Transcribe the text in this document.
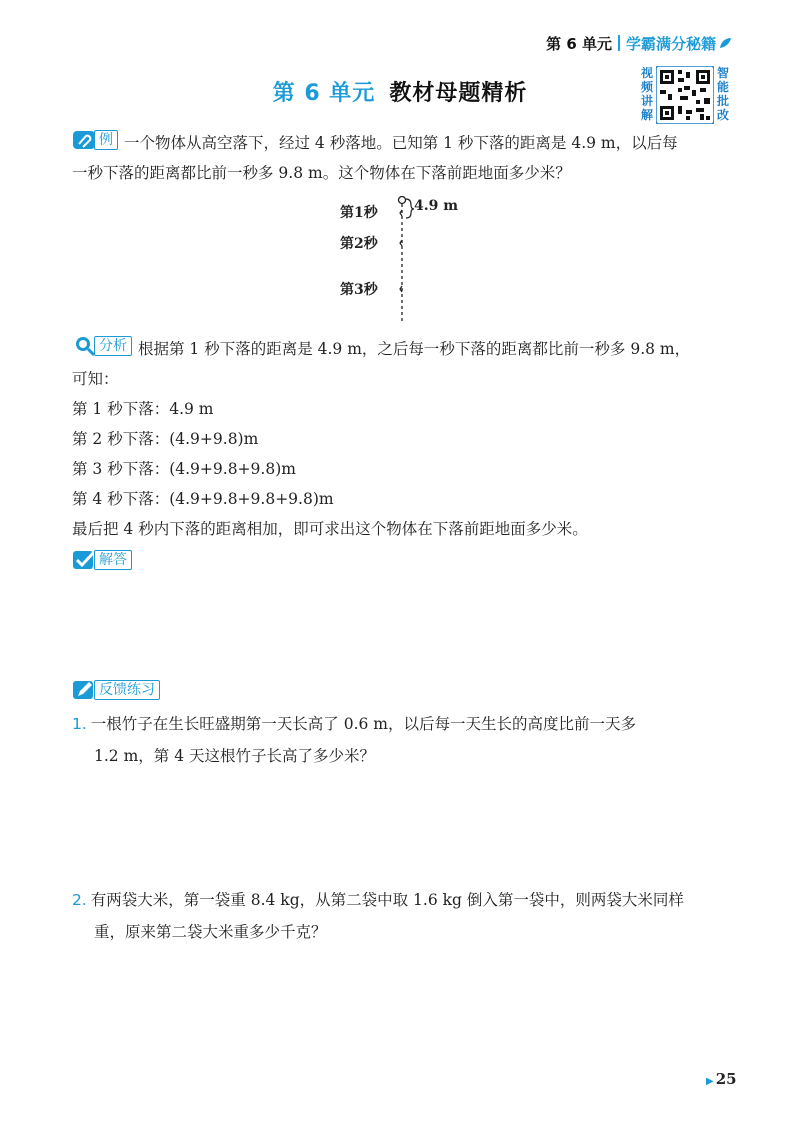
第 6 单元 学霸满分秘籍
第 6 单元 教材母题精析
视频讲解
智能批改
例 一个物体从高空落下，经过 4 秒落地。已知第 1 秒下落的距离是 4.9 m，以后每
一秒下落的距离都比前一秒多 9.8 m。这个物体在下落前距地面多少米？
第1秒
第2秒
第3秒
4.9 m
分析 根据第 1 秒下落的距离是 4.9 m，之后每一秒下落的距离都比前一秒多 9.8 m，
可知：
第 1 秒下落：4.9 m
第 2 秒下落：(4.9+9.8)m
第 3 秒下落：(4.9+9.8+9.8)m
第 4 秒下落：(4.9+9.8+9.8+9.8)m
最后把 4 秒内下落的距离相加，即可求出这个物体在下落前距地面多少米。
解答
反馈练习
1. 一根竹子在生长旺盛期第一天长高了 0.6 m，以后每一天生长的高度比前一天多
1.2 m，第 4 天这根竹子长高了多少米？
2. 有两袋大米，第一袋重 8.4 kg，从第二袋中取 1.6 kg 倒入第一袋中，则两袋大米同样
重，原来第二袋大米重多少千克？
▶ 25
